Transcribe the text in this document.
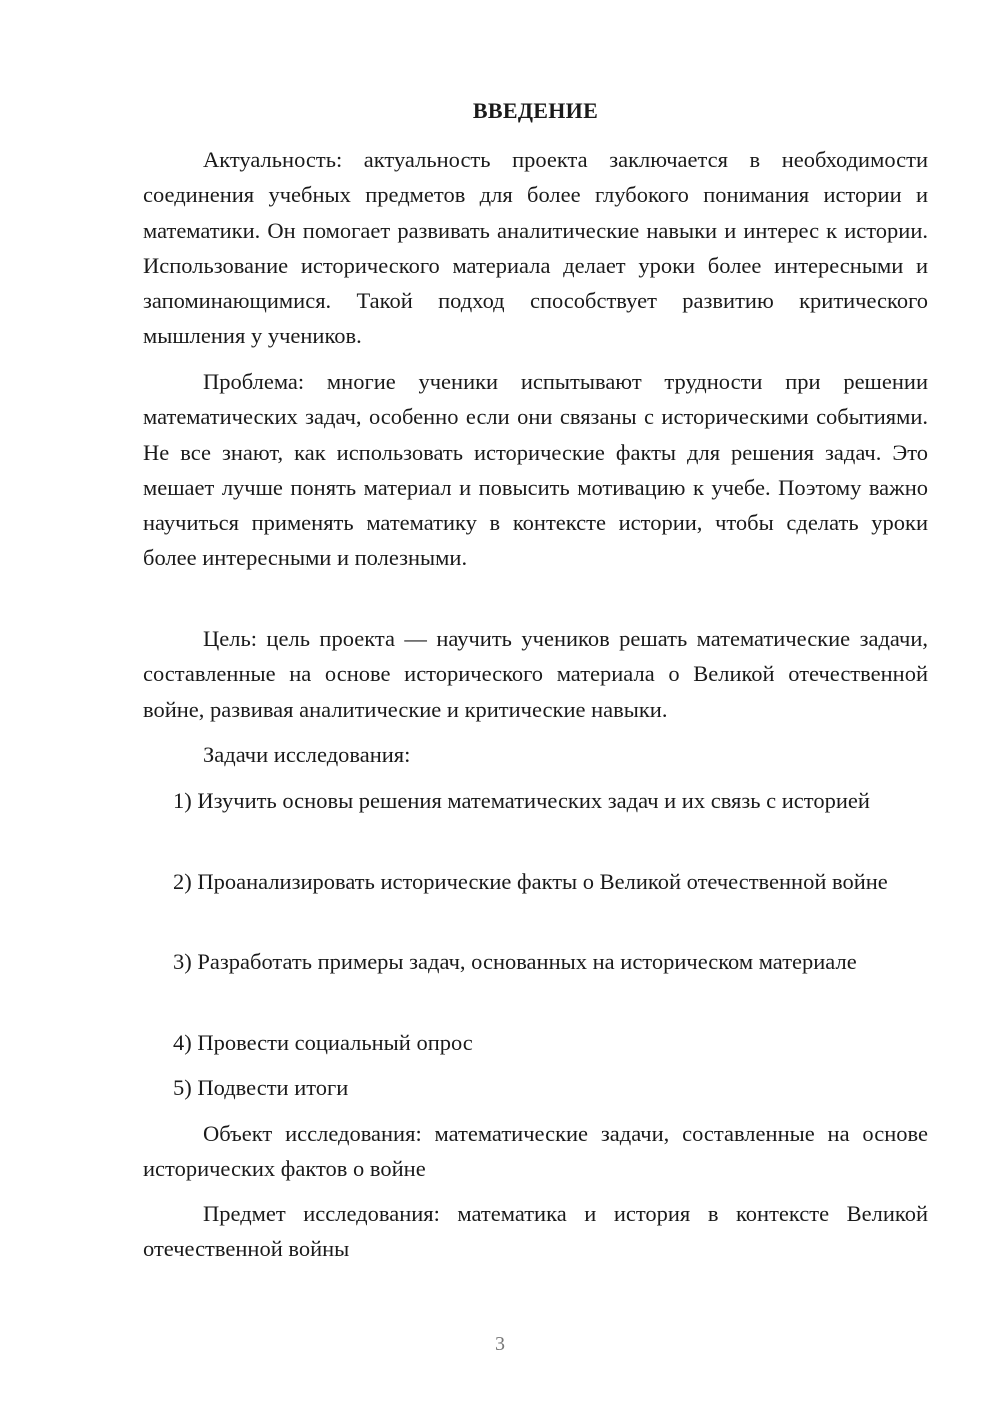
ВВЕДЕНИЕ

Актуальность: актуальность проекта заключается в необходимости соединения учебных предметов для более глубокого понимания истории и математики. Он помогает развивать аналитические навыки и интерес к истории. Использование исторического материала делает уроки более интересными и запоминающимися. Такой подход способствует развитию критического мышления у учеников.

Проблема: многие ученики испытывают трудности при решении математических задач, особенно если они связаны с историческими событиями. Не все знают, как использовать исторические факты для решения задач. Это мешает лучше понять материал и повысить мотивацию к учебе. Поэтому важно научиться применять математику в контексте истории, чтобы сделать уроки более интересными и полезными.

Цель: цель проекта — научить учеников решать математические задачи, составленные на основе исторического материала о Великой отечественной войне, развивая аналитические и критические навыки.

Задачи исследования:

1) Изучить основы решения математических задач и их связь с историей

2) Проанализировать исторические факты о Великой отечественной войне

3) Разработать примеры задач, основанных на историческом материале

4) Провести социальный опрос

5) Подвести итоги

Объект исследования: математические задачи, составленные на основе исторических фактов о войне

Предмет исследования: математика и история в контексте Великой отечественной войны

3
